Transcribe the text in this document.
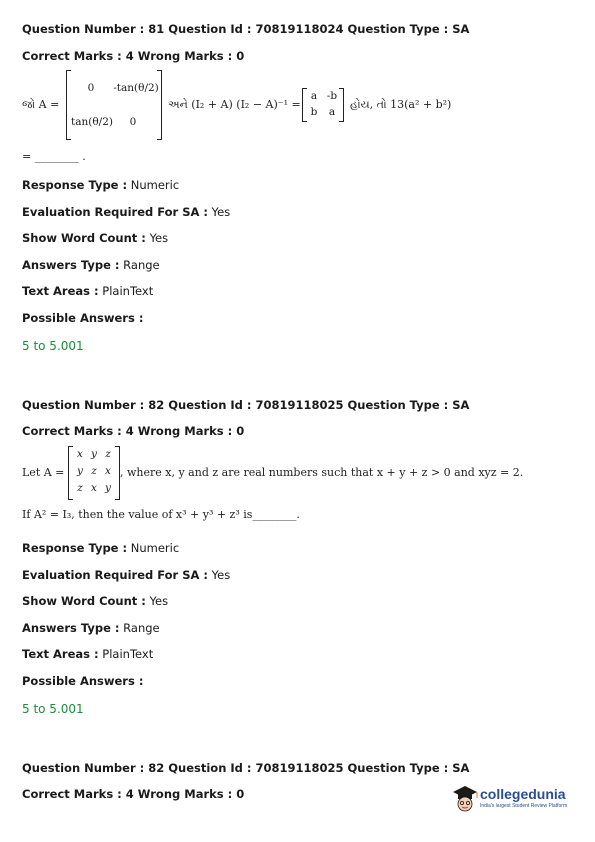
Question Number : 81 Question Id : 70819118024 Question Type : SA
Correct Marks : 4 Wrong Marks : 0
જો A =
0	-tan(θ/2)
tan(θ/2)	0
અને (I₂ + A) (I₂ − A)⁻¹ =
a -b
b	a
હોય, તો 13(a² + b²)
= ________ .
Response Type : Numeric
Evaluation Required For SA : Yes
Show Word Count : Yes
Answers Type : Range
Text Areas : PlainText
Possible Answers :
5 to 5.001
Question Number : 82 Question Id : 70819118025 Question Type : SA
Correct Marks : 4 Wrong Marks : 0
Let A =
x y z
y z x
z x y
, where x, y and z are real numbers such that x + y + z > 0 and xyz = 2.
If A² = I₃, then the value of x³ + y³ + z³ is________.
Response Type : Numeric
Evaluation Required For SA : Yes
Show Word Count : Yes
Answers Type : Range
Text Areas : PlainText
Possible Answers :
5 to 5.001
Question Number : 82 Question Id : 70819118025 Question Type : SA
Correct Marks : 4 Wrong Marks : 0	collegedunia
India's largest Student Review Platform
